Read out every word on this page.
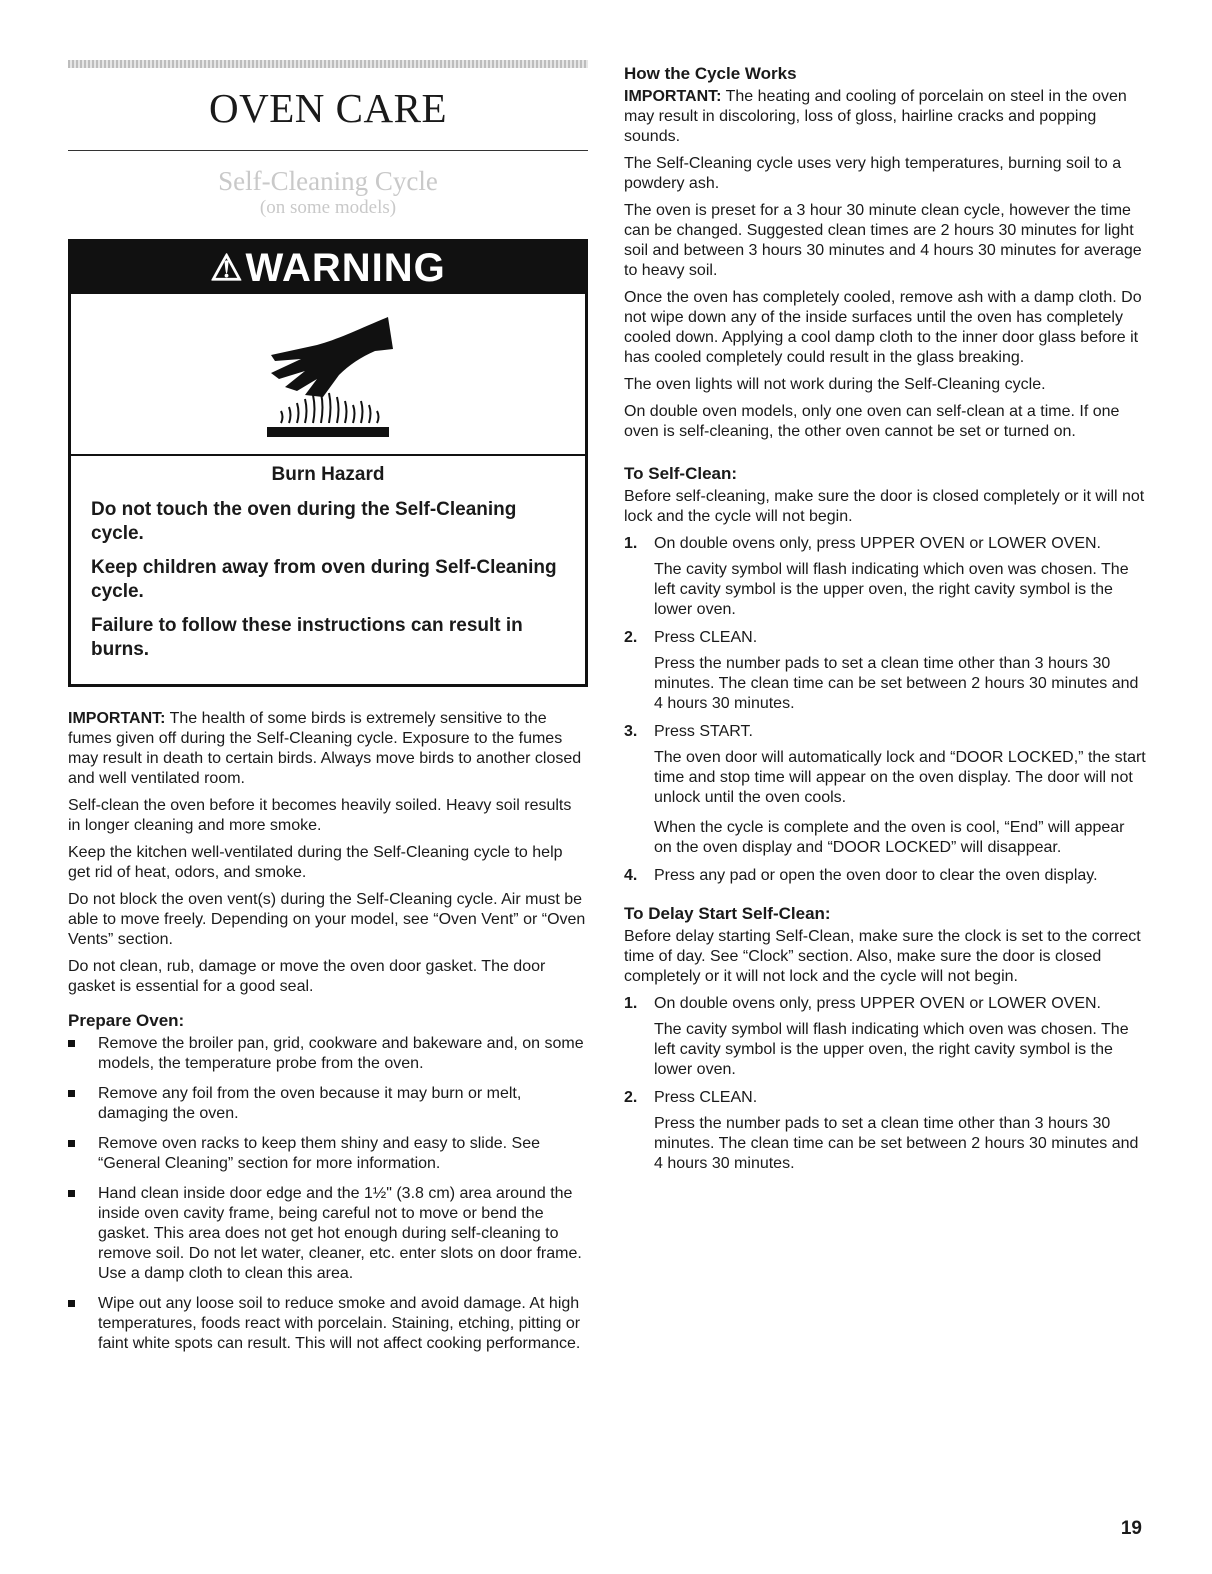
OVEN CARE

Self-Cleaning Cycle

(on some models)

⚠ WARNING

Burn Hazard

Do not touch the oven during the Self-Cleaning cycle.

Keep children away from oven during Self-Cleaning cycle.

Failure to follow these instructions can result in burns.

IMPORTANT: The health of some birds is extremely sensitive to the fumes given off during the Self-Cleaning cycle. Exposure to the fumes may result in death to certain birds. Always move birds to another closed and well ventilated room.

Self-clean the oven before it becomes heavily soiled. Heavy soil results in longer cleaning and more smoke.

Keep the kitchen well-ventilated during the Self-Cleaning cycle to help get rid of heat, odors, and smoke.

Do not block the oven vent(s) during the Self-Cleaning cycle. Air must be able to move freely. Depending on your model, see “Oven Vent” or “Oven Vents” section.

Do not clean, rub, damage or move the oven door gasket. The door gasket is essential for a good seal.

Prepare Oven:
Remove the broiler pan, grid, cookware and bakeware and, on some models, the temperature probe from the oven.
Remove any foil from the oven because it may burn or melt, damaging the oven.
Remove oven racks to keep them shiny and easy to slide. See “General Cleaning” section for more information.
Hand clean inside door edge and the 1½" (3.8 cm) area around the inside oven cavity frame, being careful not to move or bend the gasket. This area does not get hot enough during self-cleaning to remove soil. Do not let water, cleaner, etc. enter slots on door frame. Use a damp cloth to clean this area.
Wipe out any loose soil to reduce smoke and avoid damage. At high temperatures, foods react with porcelain. Staining, etching, pitting or faint white spots can result. This will not affect cooking performance.
How the Cycle Works

IMPORTANT: The heating and cooling of porcelain on steel in the oven may result in discoloring, loss of gloss, hairline cracks and popping sounds.

The Self-Cleaning cycle uses very high temperatures, burning soil to a powdery ash.

The oven is preset for a 3 hour 30 minute clean cycle, however the time can be changed. Suggested clean times are 2 hours 30 minutes for light soil and between 3 hours 30 minutes and 4 hours 30 minutes for average to heavy soil.

Once the oven has completely cooled, remove ash with a damp cloth. Do not wipe down any of the inside surfaces until the oven has completely cooled down. Applying a cool damp cloth to the inner door glass before it has cooled completely could result in the glass breaking.

The oven lights will not work during the Self-Cleaning cycle.

On double oven models, only one oven can self-clean at a time. If one oven is self-cleaning, the other oven cannot be set or turned on.

To Self-Clean:

Before self-cleaning, make sure the door is closed completely or it will not lock and the cycle will not begin.

1. On double ovens only, press UPPER OVEN or LOWER OVEN.

The cavity symbol will flash indicating which oven was chosen. The left cavity symbol is the upper oven, the right cavity symbol is the lower oven.

2. Press CLEAN.

Press the number pads to set a clean time other than 3 hours 30 minutes. The clean time can be set between 2 hours 30 minutes and 4 hours 30 minutes.

3. Press START.

The oven door will automatically lock and “DOOR LOCKED,” the start time and stop time will appear on the oven display. The door will not unlock until the oven cools.

When the cycle is complete and the oven is cool, “End” will appear on the oven display and “DOOR LOCKED” will disappear.

4. Press any pad or open the oven door to clear the oven display.
To Delay Start Self-Clean:

Before delay starting Self-Clean, make sure the clock is set to the correct time of day. See “Clock” section. Also, make sure the door is closed completely or it will not lock and the cycle will not begin.

1. On double ovens only, press UPPER OVEN or LOWER OVEN.

The cavity symbol will flash indicating which oven was chosen. The left cavity symbol is the upper oven, the right cavity symbol is the lower oven.

2. Press CLEAN.

Press the number pads to set a clean time other than 3 hours 30 minutes. The clean time can be set between 2 hours 30 minutes and 4 hours 30 minutes.

19
